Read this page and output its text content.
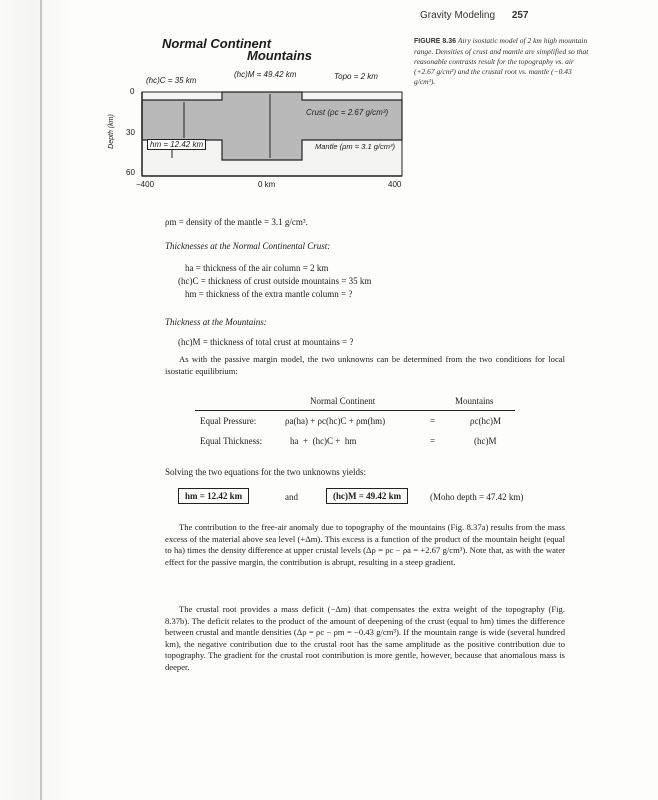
Gravity Modeling 257
FIGURE 8.36 Airy isostatic model of 2 km high mountain range. Densities of crust and mantle are simplified so that reasonable contrasts result for the topography vs. air (+2.67 g/cm³) and the crustal root vs. mantle (−0.43 g/cm³).
Normal Continent
Mountains
(hc)C = 35 km
(hc)M = 49.42 km	Topo = 2 km
Crust (ρc = 2.67 g/cm³)
Mantle (ρm = 3.1 g/cm³)
hm = 12.42 km
Depth (km)
0
30
60
−400	0 km	400
ρm = density of the mantle = 3.1 g/cm³.
Thicknesses at the Normal Continental Crust:
ha = thickness of the air column = 2 km
(hc)C = thickness of crust outside mountains = 35 km
hm = thickness of the extra mantle column = ?
Thickness at the Mountains:
(hc)M = thickness of total crust at mountains = ?
As with the passive margin model, the two unknowns can be determined from the two conditions for local isostatic equilibrium:
Normal Continent	Mountains
Equal Pressure:	ρa(ha) + ρc(hc)C + ρm(hm)	=	ρc(hc)M
Equal Thickness:	ha  +  (hc)C +  hm	=	(hc)M
Solving the two equations for the two unknowns yields:
hm = 12.42 km	and	(hc)M = 49.42 km	(Moho depth = 47.42 km)
The contribution to the free-air anomaly due to topography of the mountains (Fig. 8.37a) results from the mass excess of the material above sea level (+Δm). This excess is a function of the product of the mountain height (equal to ha) times the density difference at upper crustal levels (Δρ = ρc − ρa = +2.67 g/cm³). Note that, as with the water effect for the passive margin, the contribution is abrupt, resulting in a steep gradient.
The crustal root provides a mass deficit (−Δm) that compensates the extra weight of the topography (Fig. 8.37b). The deficit relates to the product of the amount of deepening of the crust (equal to hm) times the difference between crustal and mantle densities (Δρ = ρc − ρm = −0.43 g/cm³). If the mountain range is wide (several hundred km), the negative contribution due to the crustal root has the same amplitude as the positive contribution due to topography. The gradient for the crustal root contribution is more gentle, however, because that anomalous mass is deeper.
